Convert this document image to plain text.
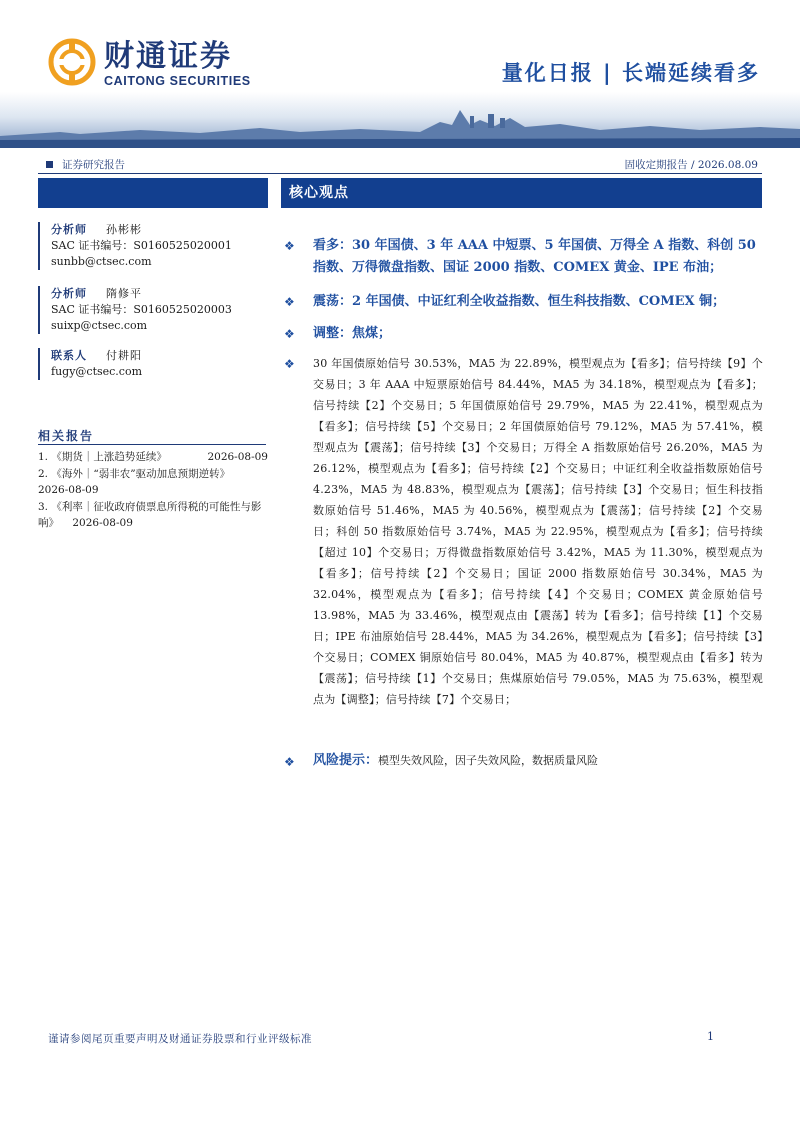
财通证券
CAITONG SECURITIES	量化日报 | 长端延续看多
证券研究报告	固收定期报告 / 2026.08.09
分析师 孙彬彬
SAC 证书编号：S0160525020001
sunbb@ctsec.com
分析师 隋修平
SAC 证书编号：S0160525020003
suixp@ctsec.com
联系人 付耕阳
fugy@ctsec.com
相关报告
1. 《期货｜上涨趋势延续》	2026-08-09
2. 《海外｜“弱非农”驱动加息预期逆转》
2026-08-09
3. 《利率｜征收政府债票息所得税的可能性与影响》 2026-08-09
核心观点
❖ 看多：30 年国债、3 年 AAA 中短票、5 年国债、万得全 A 指数、科创 50 指数、万得微盘指数、国证 2000 指数、COMEX 黄金、IPE 布油；
❖ 震荡：2 年国债、中证红利全收益指数、恒生科技指数、COMEX 铜；
❖ 调整：焦煤；
❖ 30 年国债原始信号 30.53%，MA5 为 22.89%，模型观点为【看多】；信号持续【9】个交易日；3 年 AAA 中短票原始信号 84.44%，MA5 为 34.18%，模型观点为【看多】；信号持续【2】个交易日；5 年国债原始信号 29.79%，MA5 为 22.41%，模型观点为【看多】；信号持续【5】个交易日；2 年国债原始信号 79.12%，MA5 为 57.41%，模型观点为【震荡】；信号持续【3】个交易日；万得全 A 指数原始信号 26.20%，MA5 为 26.12%，模型观点为【看多】；信号持续【2】个交易日；中证红利全收益指数原始信号 4.23%，MA5 为 48.83%，模型观点为【震荡】；信号持续【3】个交易日；恒生科技指数原始信号 51.46%，MA5 为 40.56%，模型观点为【震荡】；信号持续【2】个交易日；科创 50 指数原始信号 3.74%，MA5 为 22.95%，模型观点为【看多】；信号持续【超过 10】个交易日；万得微盘指数原始信号 3.42%，MA5 为 11.30%，模型观点为【看多】；信号持续【2】个交易日；国证 2000 指数原始信号 30.34%，MA5 为 32.04%，模型观点为【看多】；信号持续【4】个交易日；COMEX 黄金原始信号 13.98%，MA5 为 33.46%，模型观点由【震荡】转为【看多】；信号持续【1】个交易日；IPE 布油原始信号 28.44%，MA5 为 34.26%，模型观点为【看多】；信号持续【3】个交易日；COMEX 铜原始信号 80.04%，MA5 为 40.87%，模型观点由【看多】转为【震荡】；信号持续【1】个交易日；焦煤原始信号 79.05%，MA5 为 75.63%，模型观点为【调整】；信号持续【7】个交易日；
❖ 风险提示：模型失效风险，因子失效风险，数据质量风险
谨请参阅尾页重要声明及财通证券股票和行业评级标准	1
